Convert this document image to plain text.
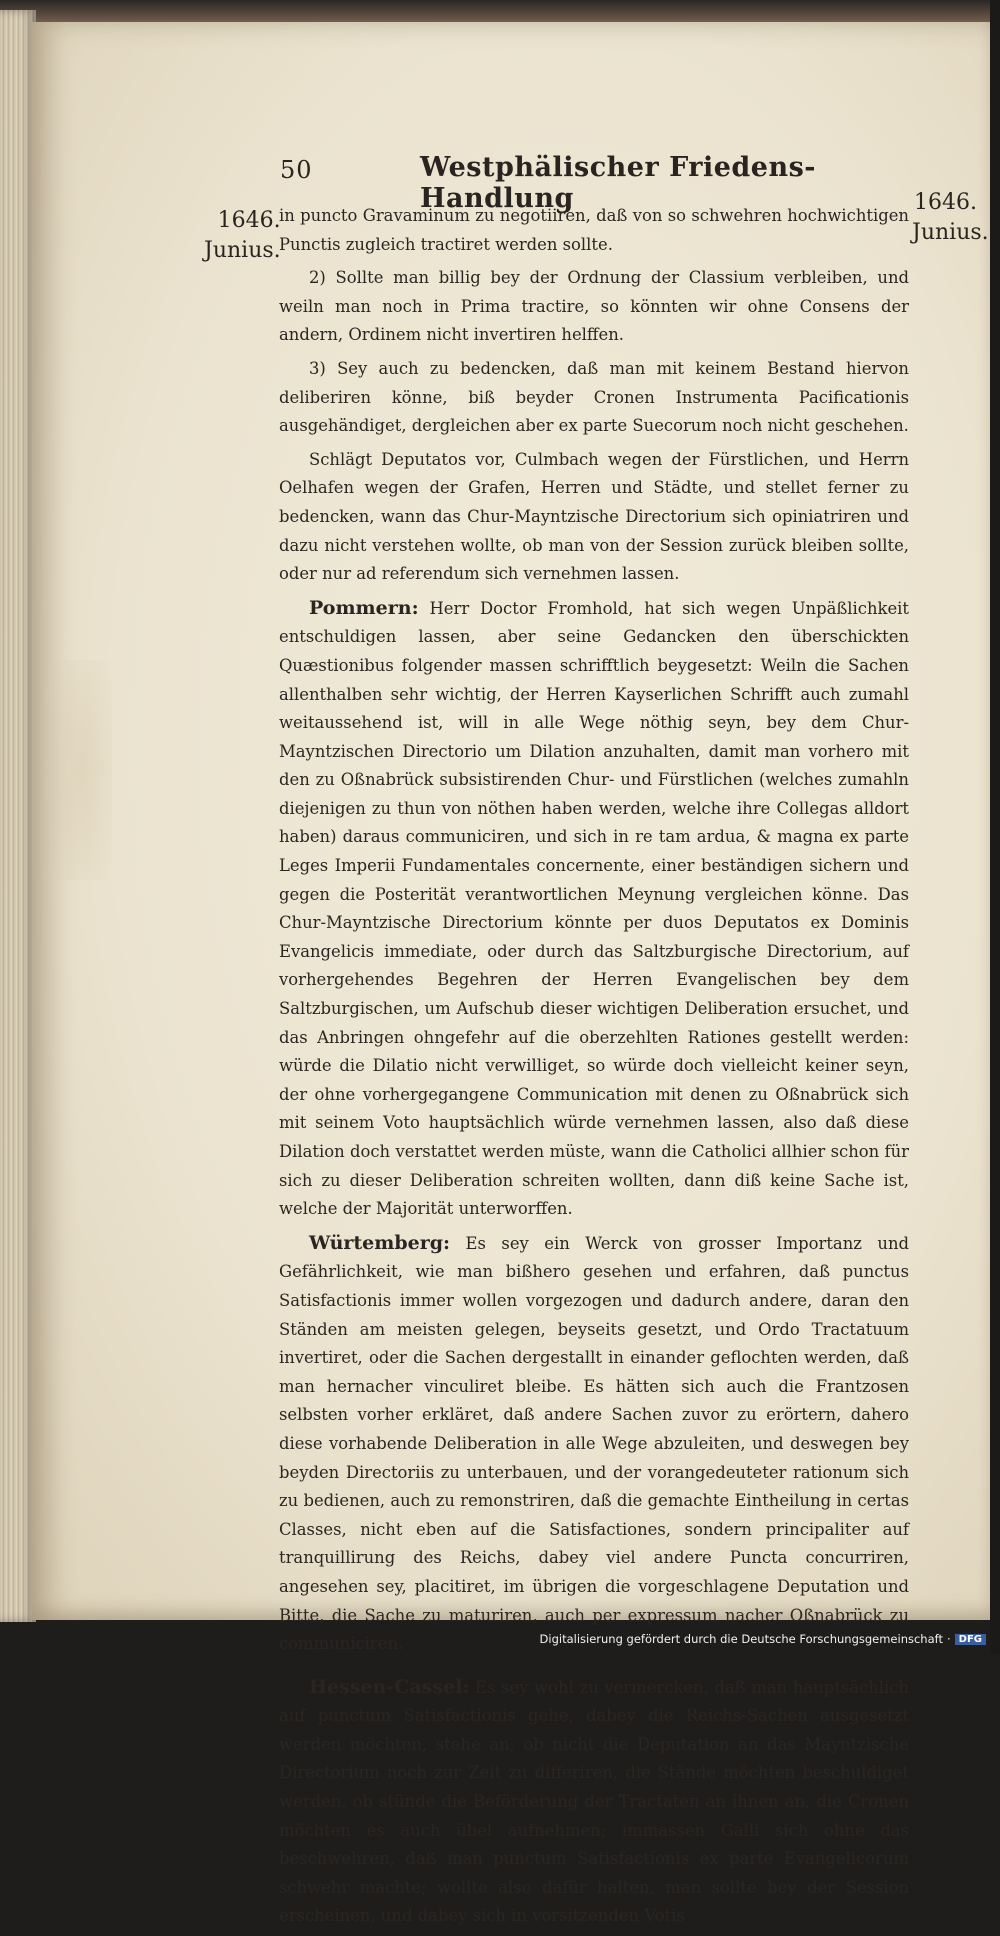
50	Westphälischer Friedens-Handlung
1646.
Junius.
1646.
Junius.

in puncto Gravaminum zu negotiiren, daß von so schwehren hochwichtigen Punctis zugleich tractiret werden sollte.

2) Sollte man billig bey der Ordnung der Classium verbleiben, und weiln man noch in Prima tractire, so könnten wir ohne Consens der andern, Ordinem nicht invertiren helffen.

3) Sey auch zu bedencken, daß man mit keinem Bestand hiervon deliberiren könne, biß beyder Cronen Instrumenta Pacificationis ausgehändiget, dergleichen aber ex parte Suecorum noch nicht geschehen.

Schlägt Deputatos vor, Culmbach wegen der Fürstlichen, und Herrn Oelhafen wegen der Grafen, Herren und Städte, und stellet ferner zu bedencken, wann das Chur-Mayntzische Directorium sich opiniatriren und dazu nicht verstehen wollte, ob man von der Session zurück bleiben sollte, oder nur ad referendum sich vernehmen lassen.

Pommern: Herr Doctor Fromhold, hat sich wegen Unpäßlichkeit entschuldigen lassen, aber seine Gedancken den überschickten Quæstionibus folgender massen schrifftlich beygesetzt: Weiln die Sachen allenthalben sehr wichtig, der Herren Kayserlichen Schrifft auch zumahl weitaussehend ist, will in alle Wege nöthig seyn, bey dem Chur-Mayntzischen Directorio um Dilation anzuhalten, damit man vorhero mit den zu Oßnabrück subsistirenden Chur- und Fürstlichen (welches zumahln diejenigen zu thun von nöthen haben werden, welche ihre Collegas alldort haben) daraus communiciren, und sich in re tam ardua, & magna ex parte Leges Imperii Fundamentales concernente, einer beständigen sichern und gegen die Posterität verantwortlichen Meynung vergleichen könne. Das Chur-Mayntzische Directorium könnte per duos Deputatos ex Dominis Evangelicis immediate, oder durch das Saltzburgische Directorium, auf vorhergehendes Begehren der Herren Evangelischen bey dem Saltzburgischen, um Aufschub dieser wichtigen Deliberation ersuchet, und das Anbringen ohngefehr auf die oberzehlten Rationes gestellt werden: würde die Dilatio nicht verwilliget, so würde doch vielleicht keiner seyn, der ohne vorhergegangene Communication mit denen zu Oßnabrück sich mit seinem Voto hauptsächlich würde vernehmen lassen, also daß diese Dilation doch verstattet werden müste, wann die Catholici allhier schon für sich zu dieser Deliberation schreiten wollten, dann diß keine Sache ist, welche der Majorität unterworffen.

Würtemberg: Es sey ein Werck von grosser Importanz und Gefährlichkeit, wie man bißhero gesehen und erfahren, daß punctus Satisfactionis immer wollen vorgezogen und dadurch andere, daran den Ständen am meisten gelegen, beyseits gesetzt, und Ordo Tractatuum invertiret, oder die Sachen dergestallt in einander geflochten werden, daß man hernacher vinculiret bleibe. Es hätten sich auch die Frantzosen selbsten vorher erkläret, daß andere Sachen zuvor zu erörtern, dahero diese vorhabende Deliberation in alle Wege abzuleiten, und deswegen bey beyden Directoriis zu unterbauen, und der vorangedeuteter rationum sich zu bedienen, auch zu remonstriren, daß die gemachte Eintheilung in certas Classes, nicht eben auf die Satisfactiones, sondern principaliter auf tranquillirung des Reichs, dabey viel andere Puncta concurriren, angesehen sey, placitiret, im übrigen die vorgeschlagene Deputation und Bitte, die Sache zu maturiren, auch per expressum nacher Oßnabrück zu communiciren.

Hessen-Cassel: Es sey wohl zu vermercken, daß man hauptsächlich auf punctum Satisfactionis gehe, dabey die Reichs-Sachen ausgesetzt werden möchten, stehe an, ob nicht die Deputation an das Mayntzische Directorium noch zur Zeit zu differiren, die Stände möchten beschuldiget werden, ob stünde die Beförderung der Tractaten an ihnen an, die Cronen möchten es auch übel aufnehmen; immassen Galli sich ohne das beschwehren, daß man punctum Satisfactionis ex parte Evangelicorum schwehr machte; wollte also dafür halten, man sollte bey der Session erscheinen, und dabey sich in vorsitzenden Votis

Digitalisierung gefördert durch die Deutsche Forschungsgemeinschaft · DFG
